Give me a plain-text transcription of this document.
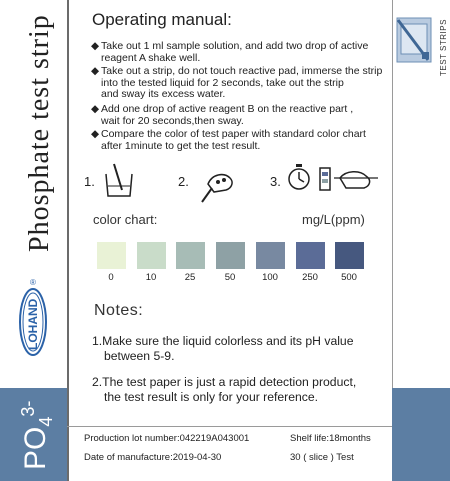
Phosphate test strip
®
LOHAND
$PO_4^{3-}$
TEST STRIPS
Operating manual:
◆ Take out 1 ml sample solution, and add two drop of active
reagent A shake well.
◆ Take out a strip, do not touch reactive pad, immerse the strip
into the tested liquid for 2 seconds, take out the strip
and sway its excess water.
◆ Add one drop of active reagent B on the reactive part ,
wait for 20 seconds,then sway.
◆ Compare the color of test paper with standard color chart
after 1minute to get the test result.
1.	2.	3.
color chart:	mg/L(ppm)
0	10	25	50	100	250	500
Notes:
1.Make sure the liquid colorless and its pH value
between 5-9.
2.The test paper is just a rapid detection product,
the test result is only for your reference.
Production lot number:042219A043001	Shelf life:18months
Date of manufacture:2019-04-30	30 ( slice ) Test
